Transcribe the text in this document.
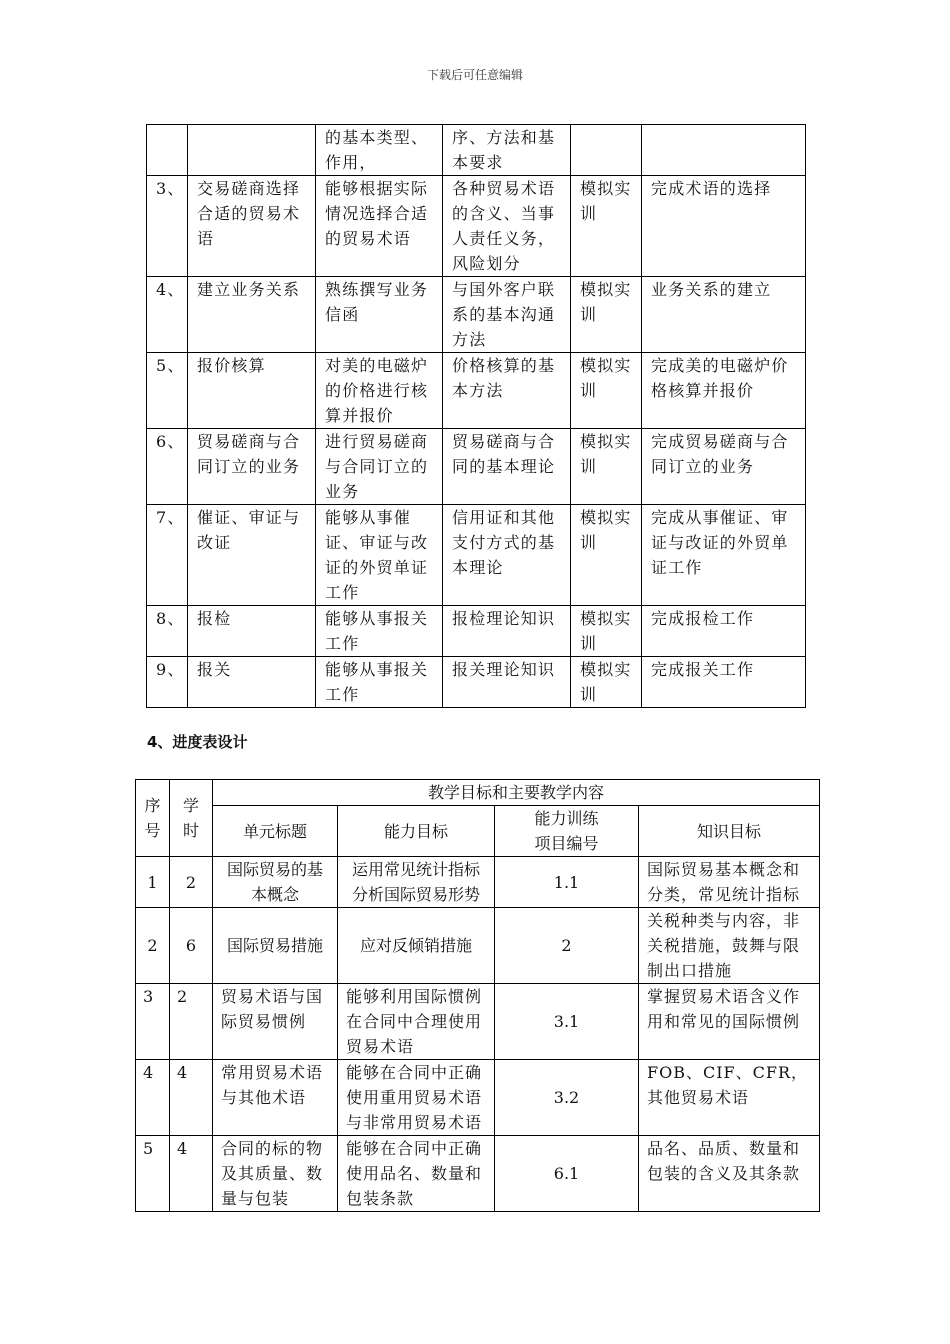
下载后可任意编辑
		的基本类型、作用，	序、方法和基本要求		
3、	交易磋商选择合适的贸易术语	能够根据实际情况选择合适的贸易术语	各种贸易术语的含义、当事人责任义务，风险划分	模拟实训	完成术语的选择
4、	建立业务关系	熟练撰写业务信函	与国外客户联系的基本沟通方法	模拟实训	业务关系的建立
5、	报价核算	对美的电磁炉的价格进行核算并报价	价格核算的基本方法	模拟实训	完成美的电磁炉价格核算并报价
6、	贸易磋商与合同订立的业务	进行贸易磋商与合同订立的业务	贸易磋商与合同的基本理论	模拟实训	完成贸易磋商与合同订立的业务
7、	催证、审证与改证	能够从事催证、审证与改证的外贸单证工作	信用证和其他支付方式的基本理论	模拟实训	完成从事催证、审证与改证的外贸单证工作
8、	报检	能够从事报关工作	报检理论知识	模拟实训	完成报检工作
9、	报关	能够从事报关工作	报关理论知识	模拟实训	完成报关工作
4、进度表设计
序号	学时	教学目标和主要教学内容			
		单元标题	能力目标	能力训练项目编号	知识目标
1	2	国际贸易的基本概念	运用常见统计指标分析国际贸易形势	1.1	国际贸易基本概念和分类，常见统计指标
2	6	国际贸易措施	应对反倾销措施	2	关税种类与内容，非关税措施，鼓舞与限制出口措施
3	2	贸易术语与国际贸易惯例	能够利用国际惯例在合同中合理使用贸易术语	3.1	掌握贸易术语含义作用和常见的国际惯例
4	4	常用贸易术语与其他术语	能够在合同中正确使用重用贸易术语与非常用贸易术语	3.2	FOB、CIF、CFR，其他贸易术语
5	4	合同的标的物及其质量、数量与包装	能够在合同中正确使用品名、数量和包装条款	6.1	品名、品质、数量和包装的含义及其条款
